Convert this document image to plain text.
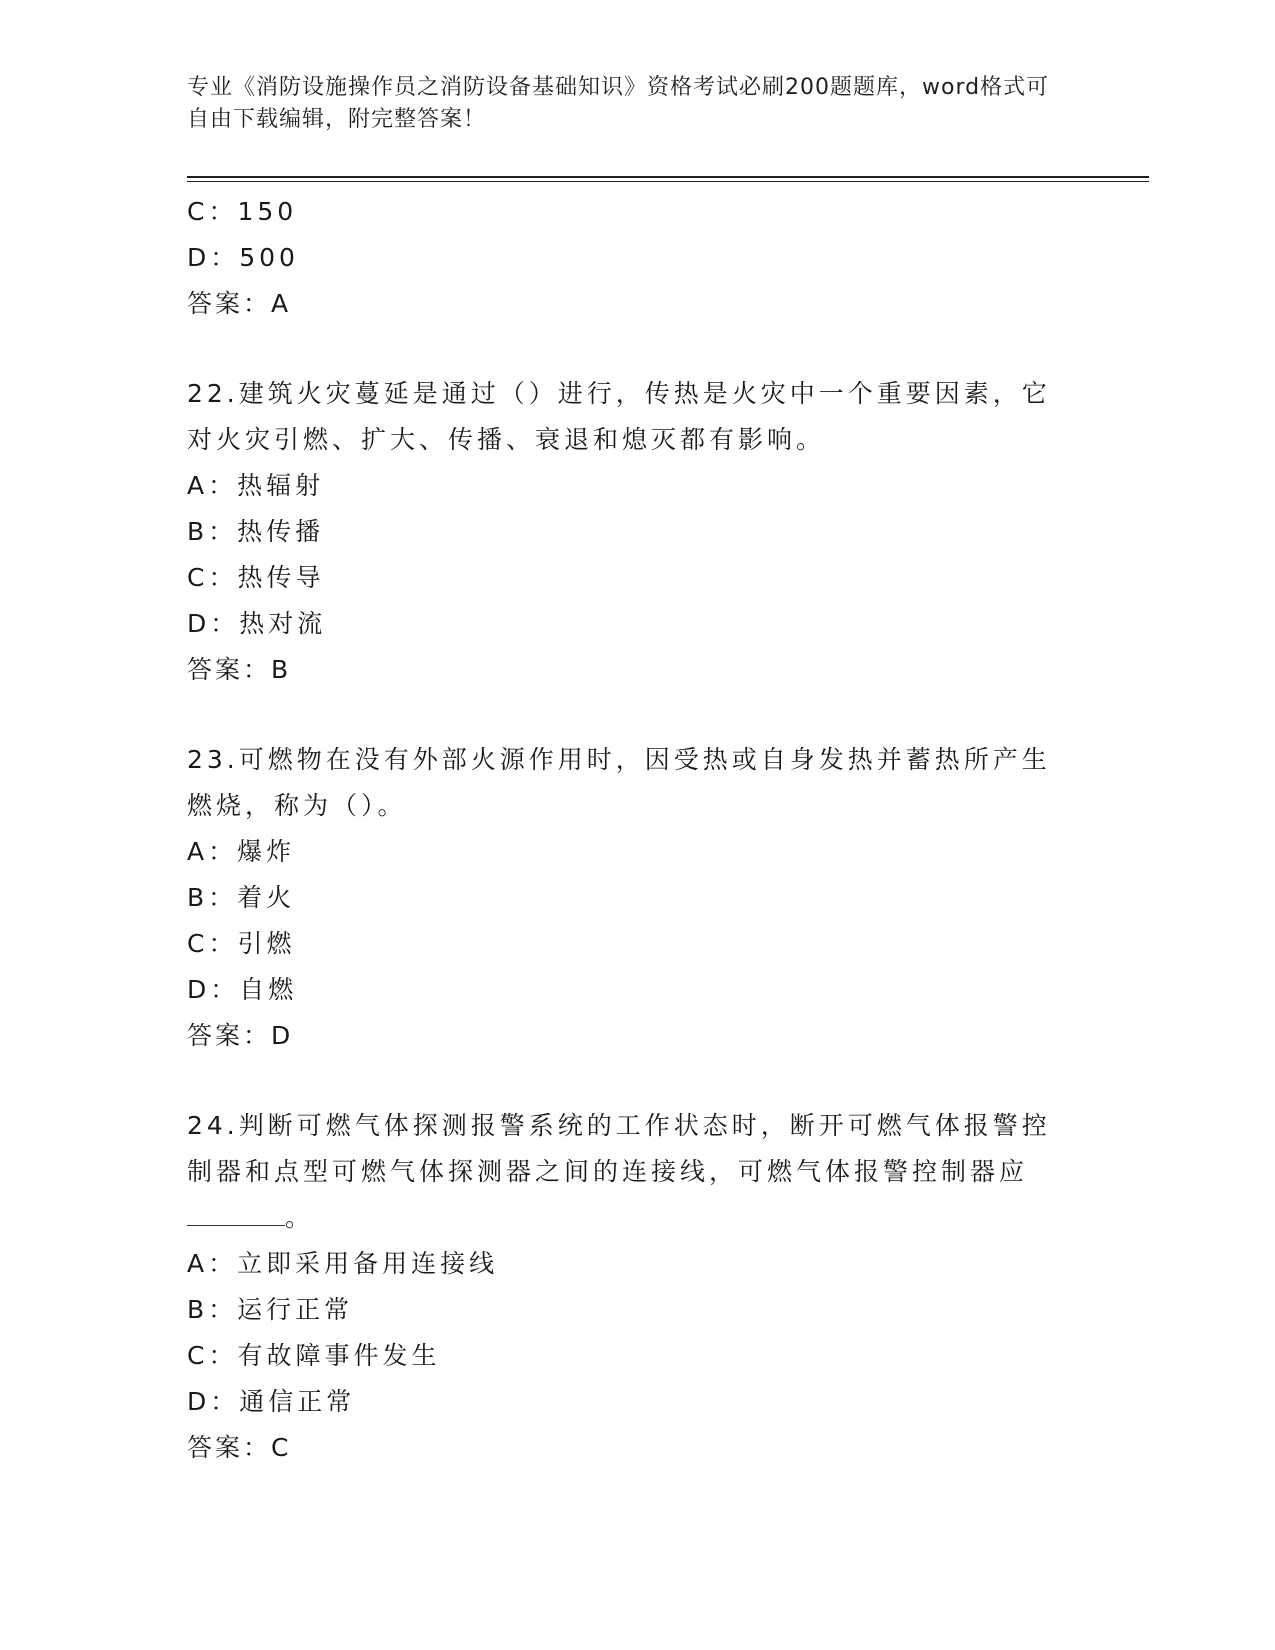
专业《消防设施操作员之消防设备基础知识》资格考试必刷200题题库，word格式可自由下载编辑，附完整答案！
C：150
D：500
答案：A
22.建筑火灾蔓延是通过（）进行，传热是火灾中一个重要因素，它对火灾引燃、扩大、传播、衰退和熄灭都有影响。
A：热辐射
B：热传播
C：热传导
D：热对流
答案：B
23.可燃物在没有外部火源作用时，因受热或自身发热并蓄热所产生燃烧，称为（）。
A：爆炸
B：着火
C：引燃
D：自燃
答案：D
24.判断可燃气体探测报警系统的工作状态时，断开可燃气体报警控制器和点型可燃气体探测器之间的连接线，可燃气体报警控制器应
。
A：立即采用备用连接线
B：运行正常
C：有故障事件发生
D：通信正常
答案：C
